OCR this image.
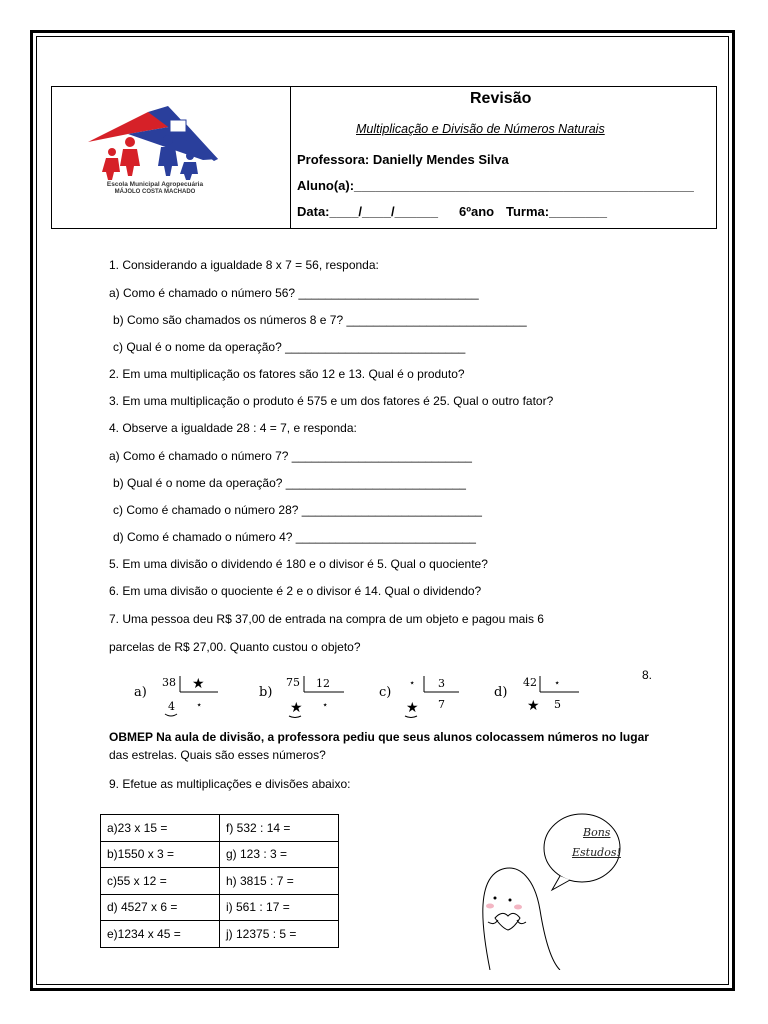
Escola Municipal Agropecuária
MÁJOLO COSTA MACHADO
Revisão
Multiplicação e Divisão de Números Naturais
Professora: Danielly Mendes Silva
Aluno(a):_______________________________________________
Data:____/____/______ 6ºano Turma:________
1. Considerando a igualdade 8 x 7 = 56, responda:
a) Como é chamado o número 56? ___________________________
b) Como são chamados os números 8 e 7? ___________________________
c) Qual é o nome da operação? ___________________________
2. Em uma multiplicação os fatores são 12 e 13. Qual é o produto?
3. Em uma multiplicação o produto é 575 e um dos fatores é 25. Qual o outro fator?
4. Observe a igualdade 28 : 4 = 7, e responda:
a) Como é chamado o número 7? ___________________________
b) Qual é o nome da operação? ___________________________
c) Como é chamado o número 28? ___________________________
d) Como é chamado o número 4? ___________________________
5. Em uma divisão o dividendo é 180 e o divisor é 5. Qual o quociente?
6. Em uma divisão o quociente é 2 e o divisor é 14. Qual o dividendo?
7. Uma pessoa deu R$ 37,00 de entrada na compra de um objeto e pagou mais 6
parcelas de R$ 27,00. Quanto custou o objeto?
8.
a)
38 ★
4 ⋆
b)
75 12
★ ⋆
c)
⋆ 3
★ 7
d)
42 ⋆
★ 5
OBMEP Na aula de divisão, a professora pediu que seus alunos colocassem números no lugar
das estrelas. Quais são esses números?
9. Efetue as multiplicações e divisões abaixo:
a)23 x 15 =	f) 532 : 14 =
b)1550 x 3 =	g) 123 : 3 =
c)55 x 12 =	h) 3815 : 7 =
d) 4527 x 6 =	i) 561 : 17 =
e)1234 x 45 =	j) 12375 : 5 =
Bons
Estudos!
